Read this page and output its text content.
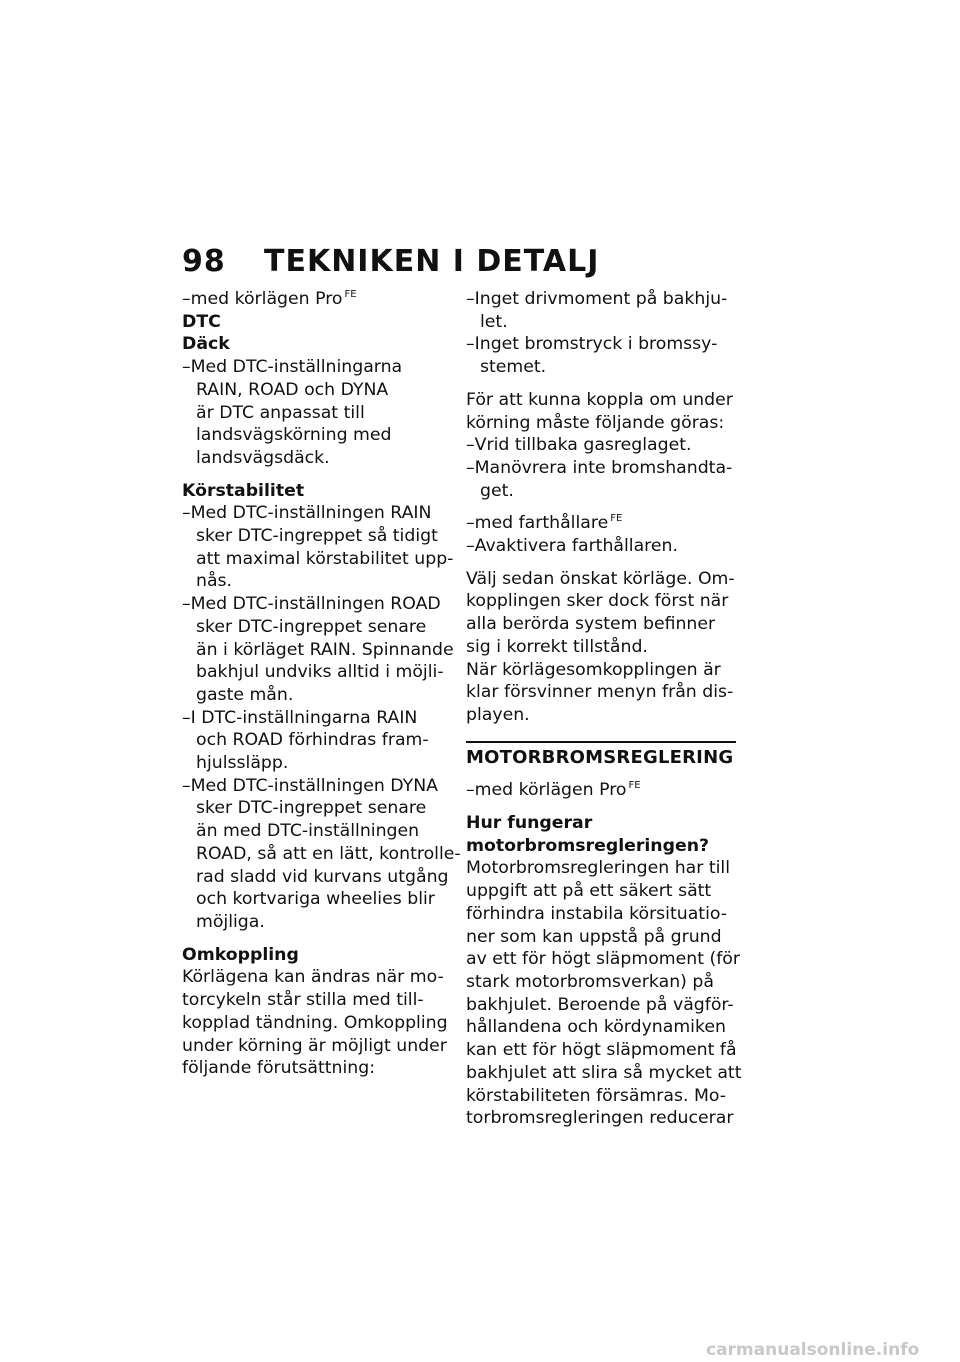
98 TEKNIKEN I DETALJ
–med körlägen Pro $^{FE}$
DTC
Däck
–Med DTC-inställningarna
RAIN, ROAD och DYNA
är DTC anpassat till
landsvägskörning med
landsvägsdäck.
Körstabilitet
–Med DTC-inställningen RAIN
sker DTC-ingreppet så tidigt
att maximal körstabilitet upp-
nås.
–Med DTC-inställningen ROAD
sker DTC-ingreppet senare
än i körläget RAIN. Spinnande
bakhjul undviks alltid i möjli-
gaste mån.
–I DTC-inställningarna RAIN
och ROAD förhindras fram-
hjulssläpp.
–Med DTC-inställningen DYNA
sker DTC-ingreppet senare
än med DTC-inställningen
ROAD, så att en lätt, kontrolle-
rad sladd vid kurvans utgång
och kortvariga wheelies blir
möjliga.
Omkoppling
Körlägena kan ändras när mo-
torcykeln står stilla med till-
kopplad tändning. Omkoppling
under körning är möjligt under
följande förutsättning:
–Inget drivmoment på bakhju-
let.
–Inget bromstryck i bromssy-
stemet.
För att kunna koppla om under
körning måste följande göras:
–Vrid tillbaka gasreglaget.
–Manövrera inte bromshandta-
get.
–med farthållare $^{FE}$
–Avaktivera farthållaren.
Välj sedan önskat körläge. Om-
kopplingen sker dock först när
alla berörda system befinner
sig i korrekt tillstånd.
När körlägesomkopplingen är
klar försvinner menyn från dis-
playen.
MOTORBROMSREGLERING
–med körlägen Pro $^{FE}$
Hur fungerar
motorbromsregleringen?
Motorbromsregleringen har till
uppgift att på ett säkert sätt
förhindra instabila körsituatio-
ner som kan uppstå på grund
av ett för högt släpmoment (för
stark motorbromsverkan) på
bakhjulet. Beroende på vägför-
hållandena och kördynamiken
kan ett för högt släpmoment få
bakhjulet att slira så mycket att
körstabiliteten försämras. Mo-
torbromsregleringen reducerar
carmanualsonline.info
